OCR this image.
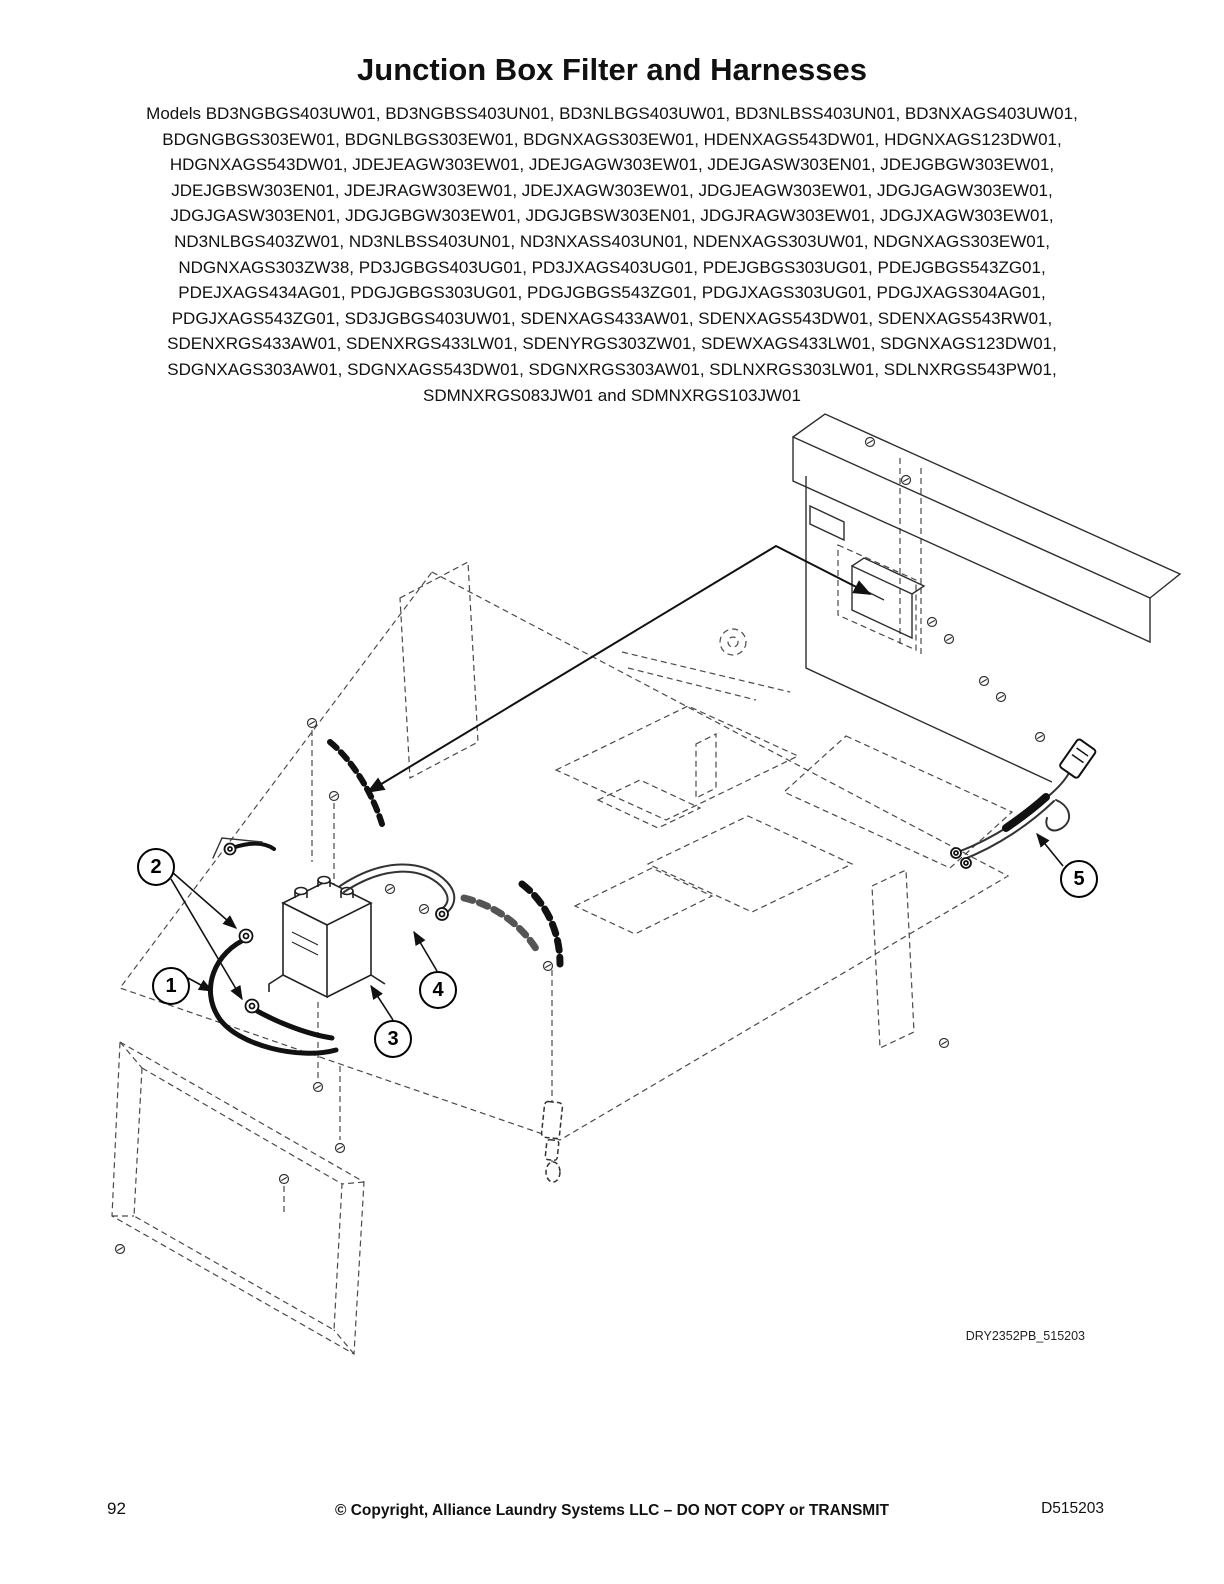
Junction Box Filter and Harnesses
Models BD3NGBGS403UW01, BD3NGBSS403UN01, BD3NLBGS403UW01, BD3NLBSS403UN01, BD3NXAGS403UW01,
BDGNGBGS303EW01, BDGNLBGS303EW01, BDGNXAGS303EW01, HDENXAGS543DW01, HDGNXAGS123DW01,
HDGNXAGS543DW01, JDEJEAGW303EW01, JDEJGAGW303EW01, JDEJGASW303EN01, JDEJGBGW303EW01,
JDEJGBSW303EN01, JDEJRAGW303EW01, JDEJXAGW303EW01, JDGJEAGW303EW01, JDGJGAGW303EW01,
JDGJGASW303EN01, JDGJGBGW303EW01, JDGJGBSW303EN01, JDGJRAGW303EW01, JDGJXAGW303EW01,
ND3NLBGS403ZW01, ND3NLBSS403UN01, ND3NXASS403UN01, NDENXAGS303UW01, NDGNXAGS303EW01,
NDGNXAGS303ZW38, PD3JGBGS403UG01, PD3JXAGS403UG01, PDEJGBGS303UG01, PDEJGBGS543ZG01,
PDEJXAGS434AG01, PDGJGBGS303UG01, PDGJGBGS543ZG01, PDGJXAGS303UG01, PDGJXAGS304AG01,
PDGJXAGS543ZG01, SD3JGBGS403UW01, SDENXAGS433AW01, SDENXAGS543DW01, SDENXAGS543RW01,
SDENXRGS433AW01, SDENXRGS433LW01, SDENYRGS303ZW01, SDEWXAGS433LW01, SDGNXAGS123DW01,
SDGNXAGS303AW01, SDGNXAGS543DW01, SDGNXRGS303AW01, SDLNXRGS303LW01, SDLNXRGS543PW01,
SDMNXRGS083JW01 and SDMNXRGS103JW01
1
2
3
4
5
DRY2352PB_515203
92	© Copyright, Alliance Laundry Systems LLC – DO NOT COPY or TRANSMIT	D515203
